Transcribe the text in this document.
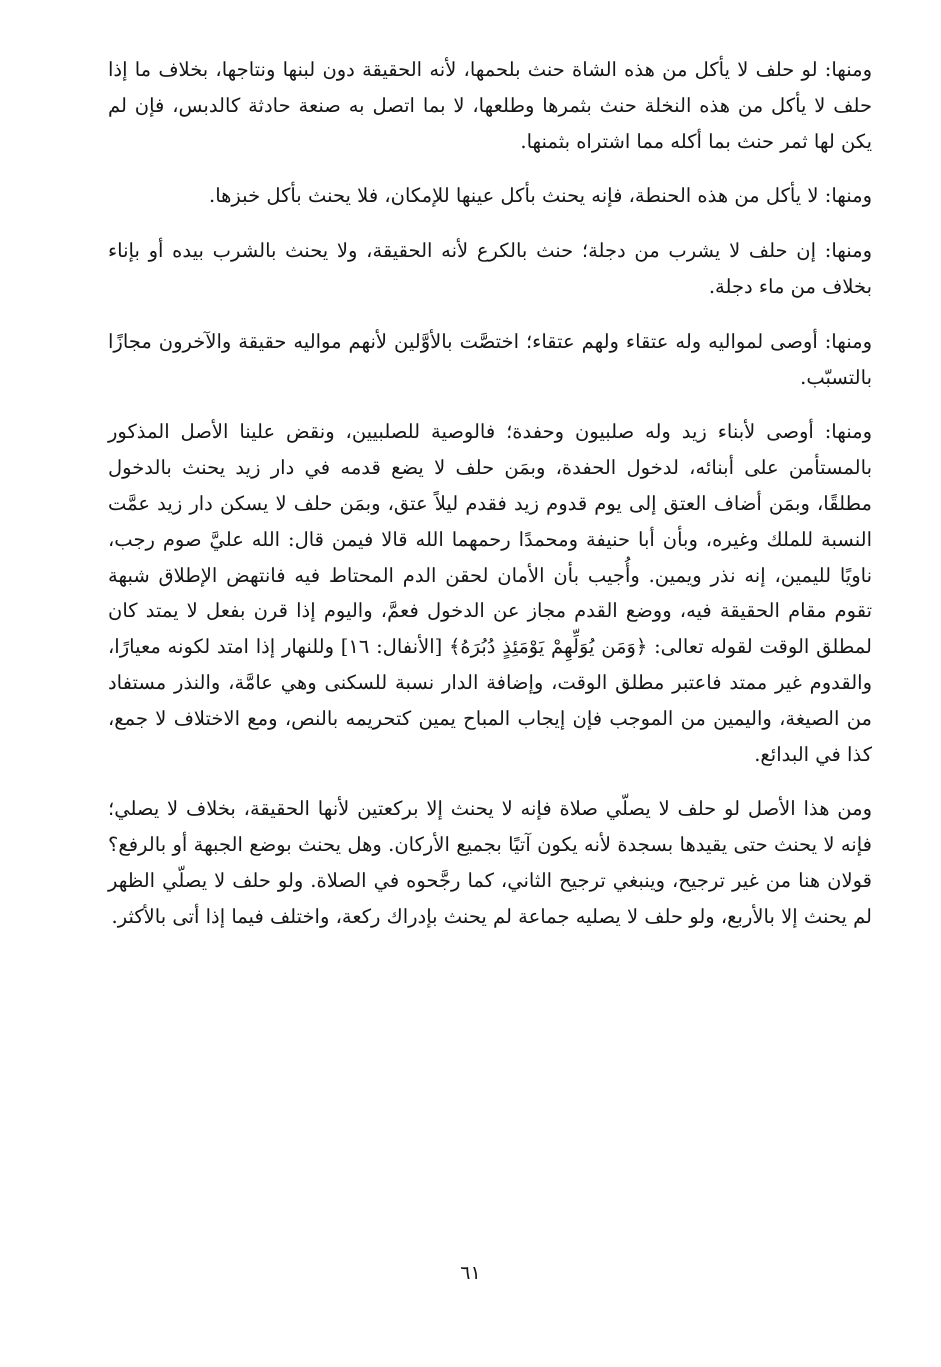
ومنها: لو حلف لا يأكل من هذه الشاة حنث بلحمها، لأنه الحقيقة دون لبنها ونتاجها، بخلاف ما إذا حلف لا يأكل من هذه النخلة حنث بثمرها وطلعها، لا بما اتصل به صنعة حادثة كالدبس، فإن لم يكن لها ثمر حنث بما أكله مما اشتراه بثمنها.

ومنها: لا يأكل من هذه الحنطة، فإنه يحنث بأكل عينها للإمكان، فلا يحنث بأكل خبزها.

ومنها: إن حلف لا يشرب من دجلة؛ حنث بالكرع لأنه الحقيقة، ولا يحنث بالشرب بيده أو بإناء بخلاف من ماء دجلة.

ومنها: أوصى لمواليه وله عتقاء ولهم عتقاء؛ اختصَّت بالأوَّلين لأنهم مواليه حقيقة والآخرون مجازًا بالتسبّب.

ومنها: أوصى لأبناء زيد وله صلبيون وحفدة؛ فالوصية للصلبيين، ونقض علينا الأصل المذكور بالمستأمن على أبنائه، لدخول الحفدة، وبمَن حلف لا يضع قدمه في دار زيد يحنث بالدخول مطلقًا، وبمَن أضاف العتق إلى يوم قدوم زيد فقدم ليلاً عتق، وبمَن حلف لا يسكن دار زيد عمَّت النسبة للملك وغيره، وبأن أبا حنيفة ومحمدًا رحمهما الله قالا فيمن قال: الله عليَّ صوم رجب، ناويًا لليمين، إنه نذر ويمين. وأُجيب بأن الأمان لحقن الدم المحتاط فيه فانتهض الإطلاق شبهة تقوم مقام الحقيقة فيه، ووضع القدم مجاز عن الدخول فعمَّ، واليوم إذا قرن بفعل لا يمتد كان لمطلق الوقت لقوله تعالى: ﴿وَمَن يُوَلِّهِمْ يَوْمَئِذٍ دُبُرَهُ﴾ [الأنفال: ١٦] وللنهار إذا امتد لكونه معيارًا، والقدوم غير ممتد فاعتبر مطلق الوقت، وإضافة الدار نسبة للسكنى وهي عامَّة، والنذر مستفاد من الصيغة، واليمين من الموجب فإن إيجاب المباح يمين كتحريمه بالنص، ومع الاختلاف لا جمع، كذا في البدائع.

ومن هذا الأصل لو حلف لا يصلّي صلاة فإنه لا يحنث إلا بركعتين لأنها الحقيقة، بخلاف لا يصلي؛ فإنه لا يحنث حتى يقيدها بسجدة لأنه يكون آتيًا بجميع الأركان. وهل يحنث بوضع الجبهة أو بالرفع؟ قولان هنا من غير ترجيح، وينبغي ترجيح الثاني، كما رجَّحوه في الصلاة. ولو حلف لا يصلّي الظهر لم يحنث إلا بالأربع، ولو حلف لا يصليه جماعة لم يحنث بإدراك ركعة، واختلف فيما إذا أتى بالأكثر.

٦١
